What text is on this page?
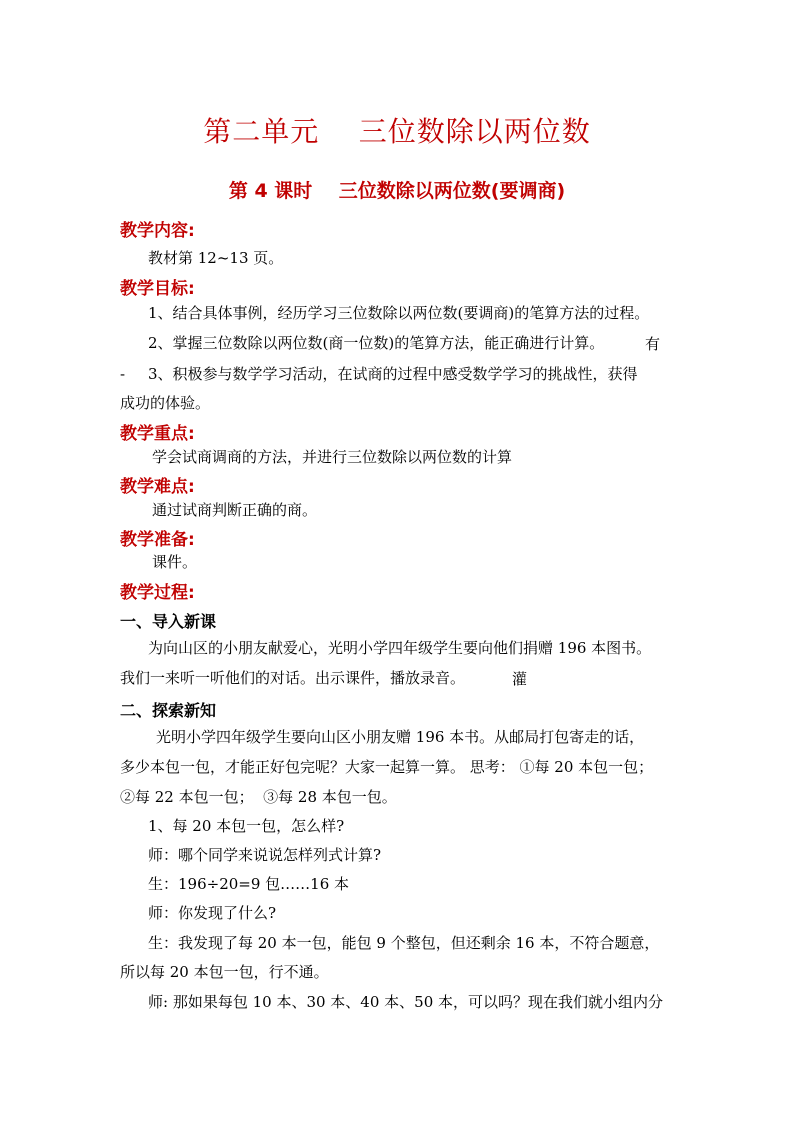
第二单元    三位数除以两位数
第 4 课时    三位数除以两位数(要调商)
教学内容:
教材第 12~13 页。
教学目标:
1、结合具体事例，经历学习三位数除以两位数(要调商)的笔算方法的过程。
2、掌握三位数除以两位数(商一位数)的笔算方法，能正确进行计算。	有
- 3、积极参与数学学习活动，在试商的过程中感受数学学习的挑战性，获得
成功的体验。
教学重点:
学会试商调商的方法，并进行三位数除以两位数的计算
教学难点:
通过试商判断正确的商。
教学准备:
课件。
教学过程:
一、导入新课
为向山区的小朋友献爱心，光明小学四年级学生要向他们捐赠 196 本图书。
我们一来听一听他们的对话。出示课件，播放录音。	灌
二、探索新知
光明小学四年级学生要向山区小朋友赠 196 本书。从邮局打包寄走的话，
多少本包一包，才能正好包完呢？大家一起算一算。 思考： ①每 20 本包一包；
②每 22 本包一包；  ③每 28 本包一包。
1、每 20 本包一包，怎么样?
师：哪个同学来说说怎样列式计算?
生：196÷20=9 包……16 本
师：你发现了什么?
生：我发现了每 20 本一包，能包 9 个整包，但还剩余 16 本，不符合题意，
所以每 20 本包一包，行不通。
师: 那如果每包 10 本、30 本、40 本、50 本，可以吗？现在我们就小组内分
